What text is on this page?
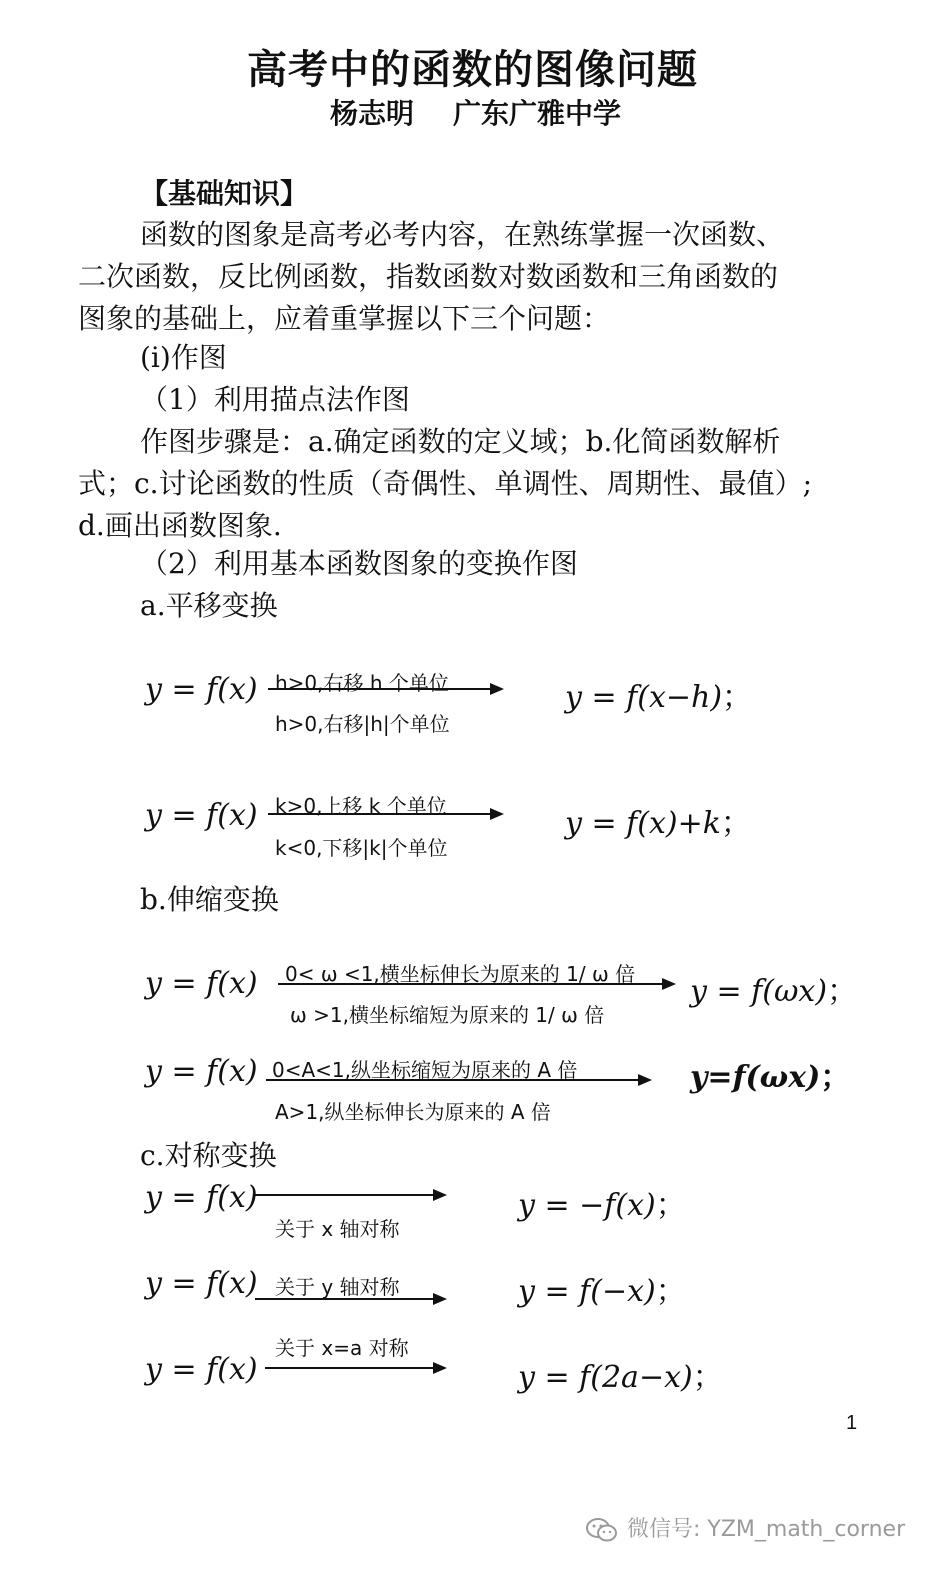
高考中的函数的图像问题
杨志明    广东广雅中学
【基础知识】
函数的图象是高考必考内容，在熟练掌握一次函数、
二次函数，反比例函数，指数函数对数函数和三角函数的
图象的基础上，应着重掌握以下三个问题：
(i)作图
（1）利用描点法作图
作图步骤是：a.确定函数的定义域；b.化简函数解析
式；c.讨论函数的性质（奇偶性、单调性、周期性、最值）;
d.画出函数图象.
（2）利用基本函数图象的变换作图
a.平移变换
y = f(x) h>0,右移 h 个单位
h>0,右移|h|个单位
y = f(x−h)；
y = f(x) k>0,上移 k 个单位
k<0,下移|k|个单位
y = f(x)+k；
b.伸缩变换
y = f(x) 0< ω <1,横坐标伸长为原来的 1/ ω 倍
ω >1,横坐标缩短为原来的 1/ ω 倍
y = f(ωx)；
y = f(x) 0<A<1,纵坐标缩短为原来的 A 倍
A>1,纵坐标伸长为原来的 A 倍
y=f(ωx)；
c.对称变换
y = f(x)
关于 x 轴对称
y = −f(x)；
y = f(x) 关于 y 轴对称	y = f(−x)；
y = f(x)
关于 x=a 对称
y = f(2a−x)；
1
微信号: YZM_math_corner
